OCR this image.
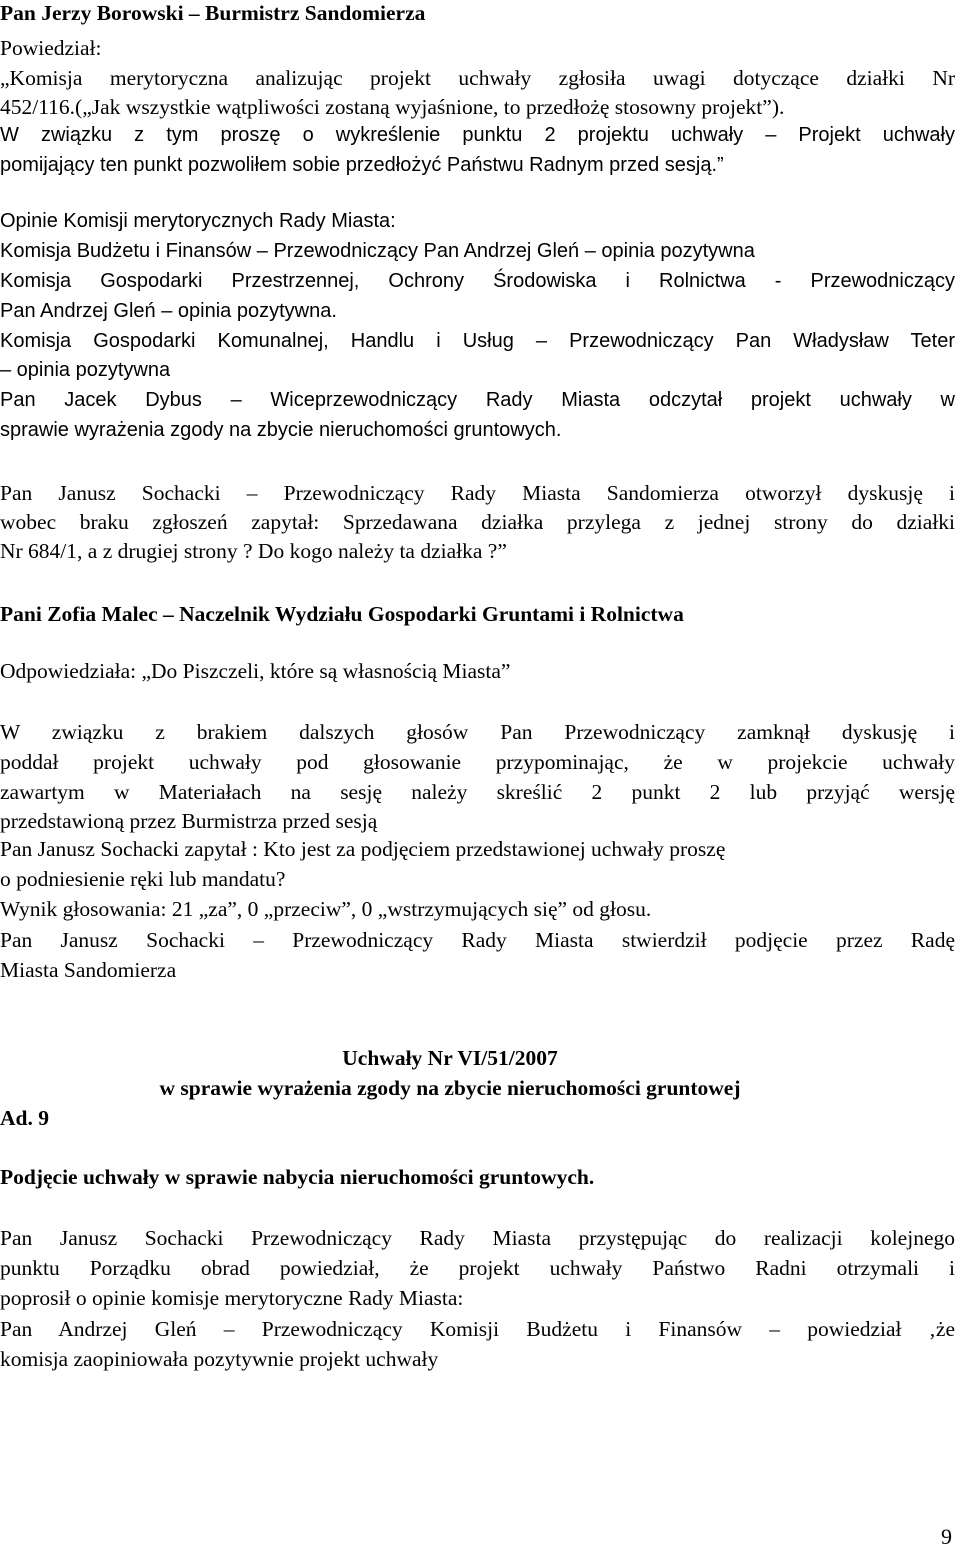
Pan Jerzy Borowski – Burmistrz Sandomierza
Powiedział:
„Komisja merytoryczna analizując projekt uchwały zgłosiła uwagi dotyczące działki Nr
452/116.(„Jak wszystkie wątpliwości zostaną wyjaśnione, to przedłożę stosowny projekt”).
W związku z tym proszę o wykreślenie punktu 2 projektu uchwały – Projekt uchwały
pomijający ten punkt pozwoliłem sobie przedłożyć Państwu Radnym przed sesją.”
Opinie Komisji merytorycznych Rady Miasta:
Komisja Budżetu i Finansów – Przewodniczący Pan Andrzej Gleń – opinia pozytywna
Komisja Gospodarki Przestrzennej, Ochrony Środowiska i Rolnictwa - Przewodniczący
Pan Andrzej Gleń – opinia pozytywna.
Komisja Gospodarki Komunalnej, Handlu i Usług – Przewodniczący Pan Władysław Teter
– opinia pozytywna
Pan Jacek Dybus – Wiceprzewodniczący Rady Miasta odczytał projekt uchwały w
sprawie wyrażenia zgody na zbycie nieruchomości gruntowych.
Pan Janusz Sochacki – Przewodniczący Rady Miasta Sandomierza otworzył dyskusję i
wobec braku zgłoszeń zapytał: Sprzedawana działka przylega z jednej strony do działki
Nr 684/1, a z drugiej strony ? Do kogo należy ta działka ?”
Pani Zofia Malec – Naczelnik Wydziału Gospodarki Gruntami i Rolnictwa
Odpowiedziała: „Do Piszczeli, które są własnością Miasta”
W związku z brakiem dalszych głosów Pan Przewodniczący zamknął dyskusję i
poddał projekt uchwały pod głosowanie przypominając, że w projekcie uchwały
zawartym w Materiałach na sesję należy skreślić 2 punkt 2 lub przyjąć wersję
przedstawioną przez Burmistrza przed sesją
Pan Janusz Sochacki zapytał : Kto jest za podjęciem przedstawionej uchwały proszę
o podniesienie ręki lub mandatu?
Wynik głosowania: 21 „za”, 0 „przeciw”, 0 „wstrzymujących się” od głosu.
Pan Janusz Sochacki – Przewodniczący Rady Miasta stwierdził podjęcie przez Radę
Miasta Sandomierza
Ad. 9
Podjęcie uchwały w sprawie nabycia nieruchomości gruntowych.
Pan Janusz Sochacki Przewodniczący Rady Miasta przystępując do realizacji kolejnego
punktu Porządku obrad powiedział, że projekt uchwały Państwo Radni otrzymali i
poprosił o opinie komisje merytoryczne Rady Miasta:
Pan Andrzej Gleń – Przewodniczący Komisji Budżetu i Finansów – powiedział ‚że
komisja zaopiniowała pozytywnie projekt uchwały
Uchwały Nr VI/51/2007
w sprawie wyrażenia zgody na zbycie nieruchomości gruntowej
9
